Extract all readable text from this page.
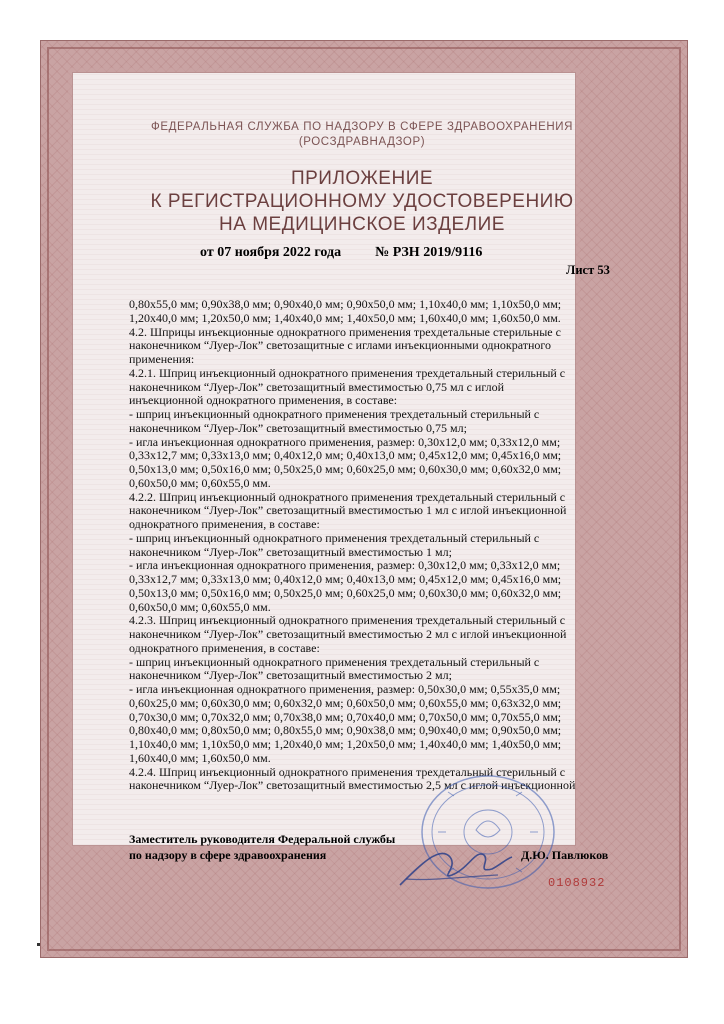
ФЕДЕРАЛЬНАЯ СЛУЖБА ПО НАДЗОРУ В СФЕРЕ ЗДРАВООХРАНЕНИЯ
(РОСЗДРАВНАДЗОР)
ПРИЛОЖЕНИЕ
К РЕГИСТРАЦИОННОМУ УДОСТОВЕРЕНИЮ
НА МЕДИЦИНСКОЕ ИЗДЕЛИЕ
от 07 ноября 2022 года № РЗН 2019/9116
Лист 53
0,80х55,0 мм; 0,90х38,0 мм; 0,90х40,0 мм; 0,90х50,0 мм; 1,10х40,0 мм; 1,10х50,0 мм;
1,20х40,0 мм; 1,20х50,0 мм; 1,40х40,0 мм; 1,40х50,0 мм; 1,60х40,0 мм; 1,60х50,0 мм.
4.2. Шприцы инъекционные однократного применения трехдетальные стерильные с
наконечником “Луер-Лок” светозащитные с иглами инъекционными однократного
применения:
4.2.1. Шприц инъекционный однократного применения трехдетальный стерильный с
наконечником “Луер-Лок” светозащитный вместимостью 0,75 мл с иглой
инъекционной однократного применения, в составе:
- шприц инъекционный однократного применения трехдетальный стерильный с
наконечником “Луер-Лок” светозащитный вместимостью 0,75 мл;
- игла инъекционная однократного применения, размер: 0,30х12,0 мм; 0,33х12,0 мм;
0,33х12,7 мм; 0,33х13,0 мм; 0,40х12,0 мм; 0,40х13,0 мм; 0,45х12,0 мм; 0,45х16,0 мм;
0,50х13,0 мм; 0,50х16,0 мм; 0,50х25,0 мм; 0,60х25,0 мм; 0,60х30,0 мм; 0,60х32,0 мм;
0,60х50,0 мм; 0,60х55,0 мм.
4.2.2. Шприц инъекционный однократного применения трехдетальный стерильный с
наконечником “Луер-Лок” светозащитный вместимостью 1 мл с иглой инъекционной
однократного применения, в составе:
- шприц инъекционный однократного применения трехдетальный стерильный с
наконечником “Луер-Лок” светозащитный вместимостью 1 мл;
- игла инъекционная однократного применения, размер: 0,30х12,0 мм; 0,33х12,0 мм;
0,33х12,7 мм; 0,33х13,0 мм; 0,40х12,0 мм; 0,40х13,0 мм; 0,45х12,0 мм; 0,45х16,0 мм;
0,50х13,0 мм; 0,50х16,0 мм; 0,50х25,0 мм; 0,60х25,0 мм; 0,60х30,0 мм; 0,60х32,0 мм;
0,60х50,0 мм; 0,60х55,0 мм.
4.2.3. Шприц инъекционный однократного применения трехдетальный стерильный с
наконечником “Луер-Лок” светозащитный вместимостью 2 мл с иглой инъекционной
однократного применения, в составе:
- шприц инъекционный однократного применения трехдетальный стерильный с
наконечником “Луер-Лок” светозащитный вместимостью 2 мл;
- игла инъекционная однократного применения, размер: 0,50х30,0 мм; 0,55х35,0 мм;
0,60х25,0 мм; 0,60х30,0 мм; 0,60х32,0 мм; 0,60х50,0 мм; 0,60х55,0 мм; 0,63х32,0 мм;
0,70х30,0 мм; 0,70х32,0 мм; 0,70х38,0 мм; 0,70х40,0 мм; 0,70х50,0 мм; 0,70х55,0 мм;
0,80х40,0 мм; 0,80х50,0 мм; 0,80х55,0 мм; 0,90х38,0 мм; 0,90х40,0 мм; 0,90х50,0 мм;
1,10х40,0 мм; 1,10х50,0 мм; 1,20х40,0 мм; 1,20х50,0 мм; 1,40х40,0 мм; 1,40х50,0 мм;
1,60х40,0 мм; 1,60х50,0 мм.
4.2.4. Шприц инъекционный однократного применения трехдетальный стерильный с
наконечником “Луер-Лок” светозащитный вместимостью 2,5 мл с иглой инъекционной
Заместитель руководителя Федеральной службы
по надзору в сфере здравоохранения	Д.Ю. Павлюков
0108932
